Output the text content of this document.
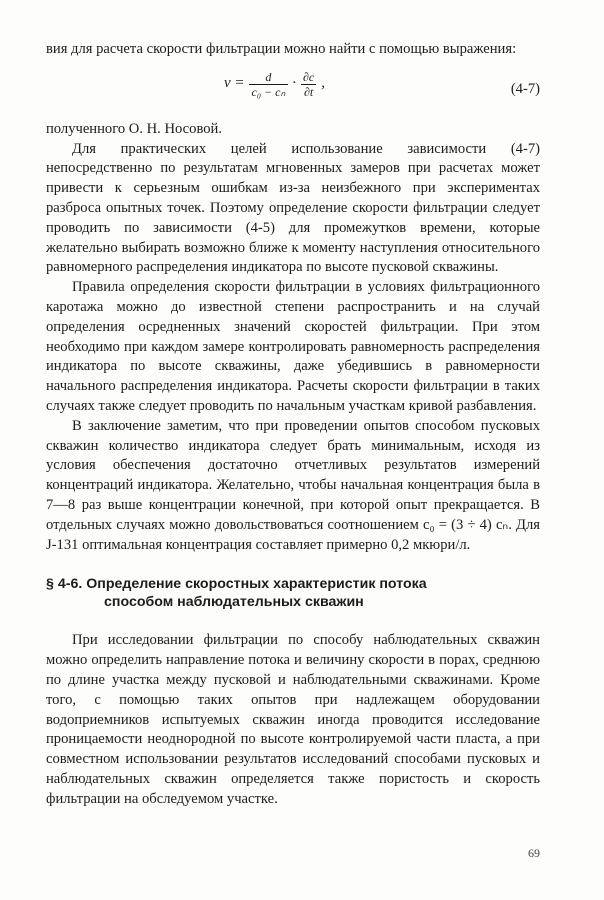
вия для расчета скорости фильтрации можно найти с помощью выражения:

$v = \frac{d}{\text{c₀ − cₙ}} \cdot \frac{\partial c}{\partial t}$ ,	(4-7)

полученного О. Н. Носовой.

Для практических целей использование зависимости (4-7) непосредственно по результатам мгновенных замеров при расчетах может привести к серьезным ошибкам из-за неизбежного при экспериментах разброса опытных точек. Поэтому определение скорости фильтрации следует проводить по зависимости (4-5) для промежутков времени, которые желательно выбирать возможно ближе к моменту наступления относительного равномерного распределения индикатора по высоте пусковой скважины.

Правила определения скорости фильтрации в условиях фильтрационного каротажа можно до известной степени распространить и на случай определения осредненных значений скоростей фильтрации. При этом необходимо при каждом замере контролировать равномерность распределения индикатора по высоте скважины, даже убедившись в равномерности начального распределения индикатора. Расчеты скорости фильтрации в таких случаях также следует проводить по начальным участкам кривой разбавления.

В заключение заметим, что при проведении опытов способом пусковых скважин количество индикатора следует брать минимальным, исходя из условия обеспечения достаточно отчетливых результатов измерений концентраций индикатора. Желательно, чтобы начальная концентрация была в 7—8 раз выше концентрации конечной, при которой опыт прекращается. В отдельных случаях можно довольствоваться соотношением c₀ = (3 ÷ 4) cₙ. Для J-131 оптимальная концентрация составляет примерно 0,2 мкюри/л.

§ 4-6. Определение скоростных характеристик потока
способом наблюдательных скважин

При исследовании фильтрации по способу наблюдательных скважин можно определить направление потока и величину скорости в порах, среднюю по длине участка между пусковой и наблюдательными скважинами. Кроме того, с помощью таких опытов при надлежащем оборудовании водоприемников испытуемых скважин иногда проводится исследование проницаемости неоднородной по высоте контролируемой части пласта, а при совместном использовании результатов исследований способами пусковых и наблюдательных скважин определяется также пористость и скорость фильтрации на обследуемом участке.

69
